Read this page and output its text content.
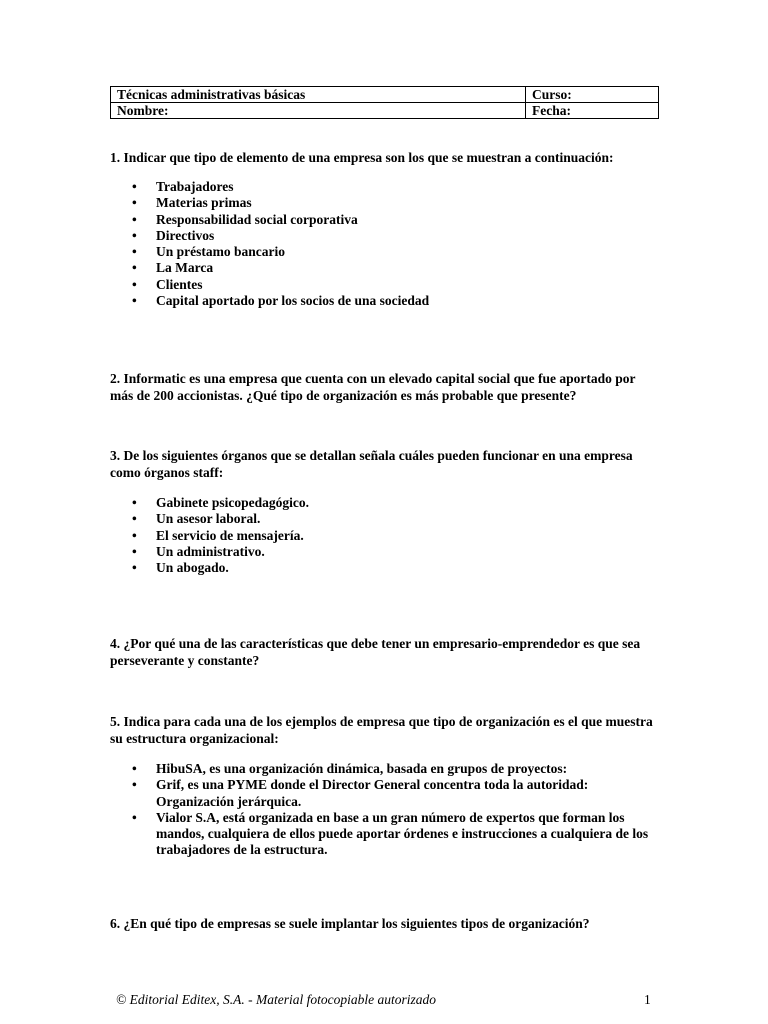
Técnicas administrativas básicas	Curso:
Nombre:	Fecha:
1. Indicar que tipo de elemento de una empresa son los que se muestran a continuación:
• Trabajadores
• Materias primas
• Responsabilidad social corporativa
• Directivos
• Un préstamo bancario
• La Marca
• Clientes
• Capital aportado por los socios de una sociedad
2. Informatic es una empresa que cuenta con un elevado capital social que fue aportado por más de 200 accionistas. ¿Qué tipo de organización es más probable que presente?
3. De los siguientes órganos que se detallan señala cuáles pueden funcionar en una empresa como órganos staff:
• Gabinete psicopedagógico.
• Un asesor laboral.
• El servicio de mensajería.
• Un administrativo.
• Un abogado.
4. ¿Por qué una de las características que debe tener un empresario-emprendedor es que sea perseverante y constante?
5. Indica para cada una de los ejemplos de empresa que tipo de organización es el que muestra su estructura organizacional:
• HibuSA, es una organización dinámica, basada en grupos de proyectos:
• Grif, es una PYME donde el Director General concentra toda la autoridad: Organización jerárquica.
• Vialor S.A, está organizada en base a un gran número de expertos que forman los mandos, cualquiera de ellos puede aportar órdenes e instrucciones a cualquiera de los trabajadores de la estructura.
6. ¿En qué tipo de empresas se suele implantar los siguientes tipos de organización?
© Editorial Editex, S.A. - Material fotocopiable autorizado	1
